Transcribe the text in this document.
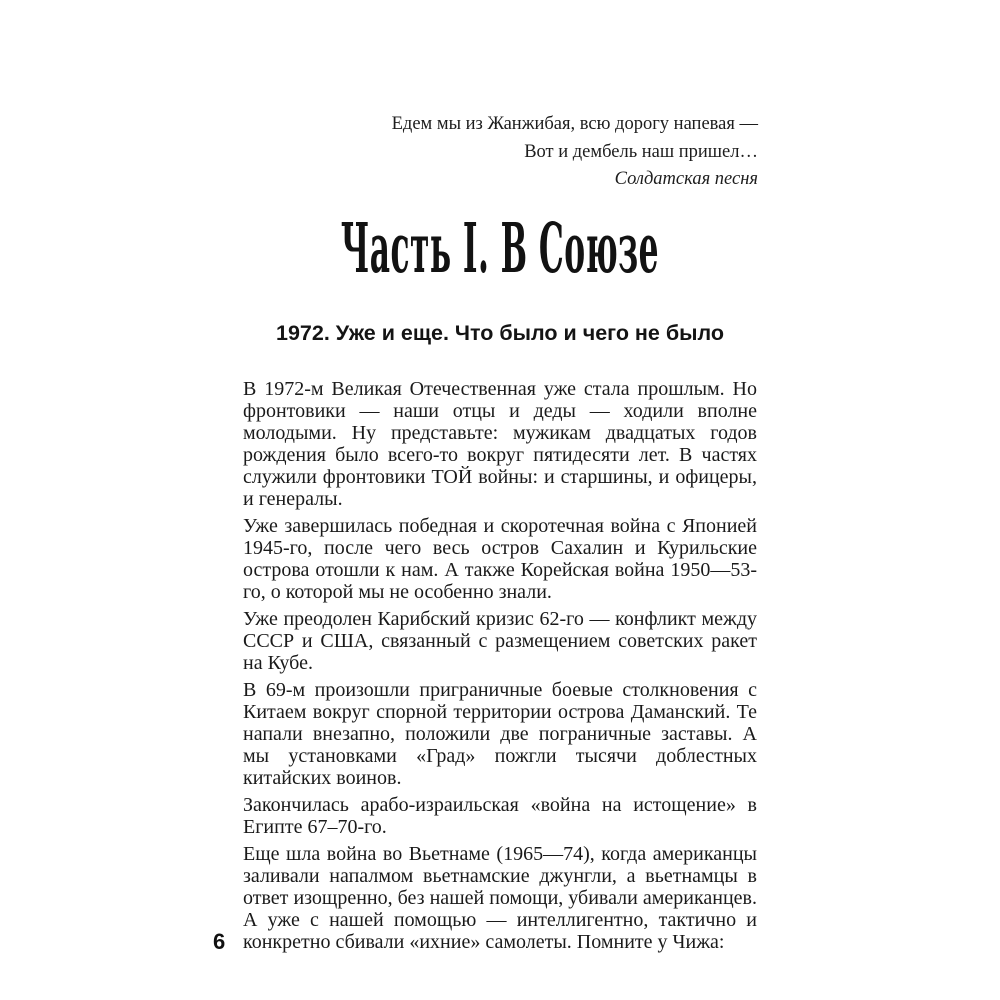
Едем мы из Жанжибая, всю дорогу напевая —
Вот и дембель наш пришел…
Солдатская песня
Часть I. В Союзе
1972. Уже и еще. Что было и чего не было

В 1972-м Великая Отечественная уже стала прошлым. Но фронтовики — наши отцы и деды — ходили вполне молодыми. Ну представьте: мужикам двадцатых годов рождения было всего-то вокруг пятидесяти лет. В частях служили фронтовики ТОЙ войны: и старшины, и офицеры, и генералы.

Уже завершилась победная и скоротечная война с Японией 1945-го, после чего весь остров Сахалин и Курильские острова отошли к нам. А также Корейская война 1950—53-го, о которой мы не особенно знали.

Уже преодолен Карибский кризис 62-го — конфликт между СССР и США, связанный с размещением советских ракет на Кубе.

В 69-м произошли приграничные боевые столкновения с Китаем вокруг спорной территории острова Даманский. Те напали внезапно, положили две пограничные заставы. А мы установками «Град» пожгли тысячи доблестных китайских воинов.

Закончилась арабо-израильская «война на истощение» в Египте 67–70-го.

Еще шла война во Вьетнаме (1965—74), когда американцы заливали напалмом вьетнамские джунгли, а вьетнамцы в ответ изощренно, без нашей помощи, убивали американцев. А уже с нашей помощью — интеллигентно, тактично и конкретно сбивали «ихние» самолеты. Помните у Чижа:

6
